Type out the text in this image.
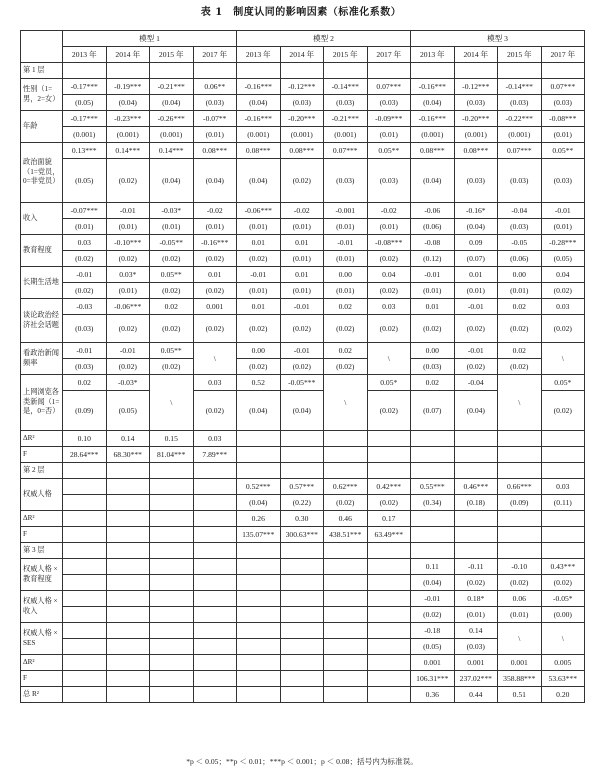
表 1　制度认同的影响因素（标准化系数）
	模型 1				模型 2				模型 3			
	2013 年	2014 年	2015 年	2017 年	2013 年	2014 年	2015 年	2017 年	2013 年	2014 年	2015 年	2017 年
第 1 层												
性别（1=男，2=女）	-0.17***	-0.19***	-0.21***	0.06**	-0.16***	-0.12***	-0.14***	0.07***	-0.16***	-0.12***	-0.14***	0.07***
	(0.05)	(0.04)	(0.04)	(0.03)	(0.04)	(0.03)	(0.03)	(0.03)	(0.04)	(0.03)	(0.03)	(0.03)
年龄	-0.17***	-0.23***	-0.26***	-0.07**	-0.16***	-0.20***	-0.21***	-0.09***	-0.16***	-0.20***	-0.22***	-0.08***
	(0.001)	(0.001)	(0.001)	(0.01)	(0.001)	(0.001)	(0.001)	(0.01)	(0.001)	(0.001)	(0.001)	(0.01)
政治面貌（1=党员，0=非党员）	0.13***	0.14***	0.14***	0.08***	0.08***	0.08***	0.07***	0.05**	0.08***	0.08***	0.07***	0.05**
	(0.05)	(0.02)	(0.04)	(0.04)	(0.04)	(0.02)	(0.03)	(0.03)	(0.04)	(0.03)	(0.03)	(0.03)
收入	-0.07***	-0.01	-0.03*	-0.02	-0.06***	-0.02	-0.001	-0.02	-0.06	-0.16*	-0.04	-0.01
	(0.01)	(0.01)	(0.01)	(0.01)	(0.01)	(0.01)	(0.01)	(0.01)	(0.06)	(0.04)	(0.03)	(0.01)
教育程度	0.03	-0.10***	-0.05**	-0.16***	0.01	0.01	-0.01	-0.08***	-0.08	0.09	-0.05	-0.28***
	(0.02)	(0.02)	(0.02)	(0.02)	(0.02)	(0.01)	(0.01)	(0.02)	(0.12)	(0.07)	(0.06)	(0.05)
长期生活地	-0.01	0.03*	0.05**	0.01	-0.01	0.01	0.00	0.04	-0.01	0.01	0.00	0.04
	(0.02)	(0.01)	(0.02)	(0.02)	(0.01)	(0.01)	(0.01)	(0.02)	(0.01)	(0.01)	(0.01)	(0.02)
谈论政治经济社会话题	-0.03	-0.06***	0.02	0.001	0.01	-0.01	0.02	0.03	0.01	-0.01	0.02	0.03
	(0.03)	(0.02)	(0.02)	(0.02)	(0.02)	(0.02)	(0.02)	(0.02)	(0.02)	(0.02)	(0.02)	(0.02)
看政治新闻频率	-0.01	-0.01	0.05**	\	0.00	-0.01	0.02	\	0.00	-0.01	0.02	\
	(0.03)	(0.02)	(0.02)		(0.02)	(0.02)	(0.02)		(0.03)	(0.02)	(0.02)	
上网浏览各类新闻（1=是，0=否）	0.02	-0.03*	\	0.03	0.52	-0.05***	\	0.05*	0.02	-0.04	\	0.05*
	(0.09)	(0.05)		(0.02)	(0.04)	(0.04)		(0.02)	(0.07)	(0.04)		(0.02)
ΔR²	0.10	0.14	0.15	0.03								
F	28.64***	68.30***	81.04***	7.89***								
第 2 层												
权威人格					0.52***	0.57***	0.62***	0.42***	0.55***	0.46***	0.66***	0.03
					(0.04)	(0.22)	(0.02)	(0.02)	(0.34)	(0.18)	(0.09)	(0.11)
ΔR²					0.26	0.30	0.46	0.17				
F					135.07***	300.63***	438.51***	63.49***				
第 3 层												
权威人格 × 教育程度									0.11	-0.11	-0.10	0.43***
									(0.04)	(0.02)	(0.02)	(0.02)
权威人格 × 收入									-0.01	0.18*	0.06	-0.05*
									(0.02)	(0.01)	(0.01)	(0.00)
权威人格 × SES									-0.18	0.14	\	\
									(0.05)	(0.03)		
ΔR²									0.001	0.001	0.001	0.005
F									106.31***	237.02***	358.88***	53.63***
总 R²									0.36	0.44	0.51	0.20
*p ＜ 0.05；**p ＜ 0.01；***p ＜ 0.001；p ＜ 0.08；括号内为标准误。
